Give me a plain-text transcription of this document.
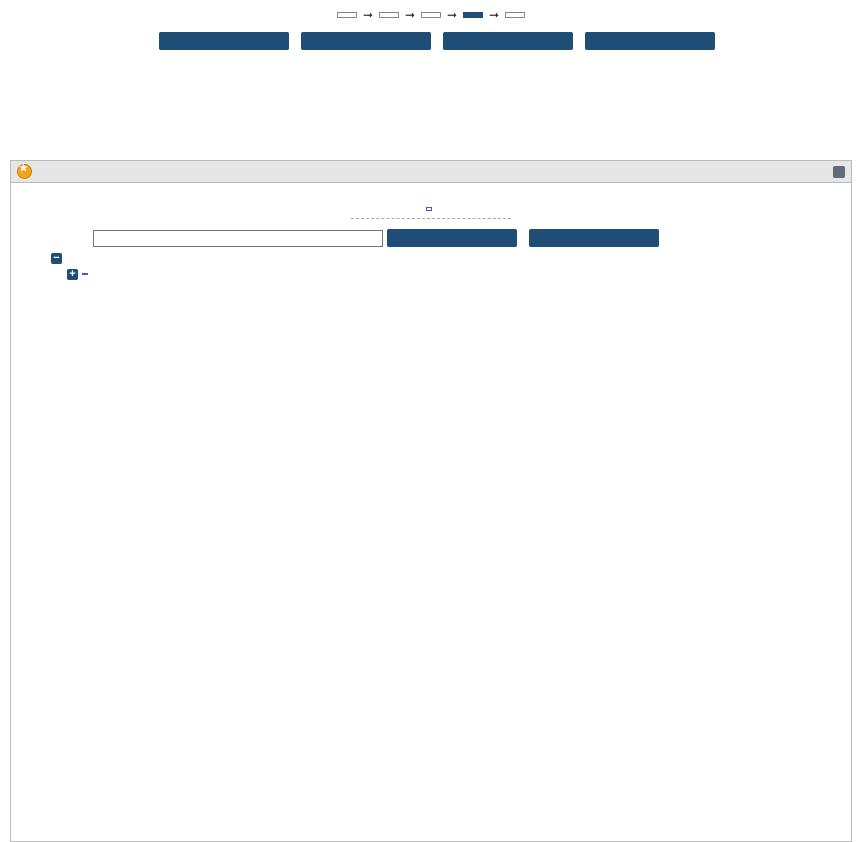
➞	➞	➞	➞
★
−
+
